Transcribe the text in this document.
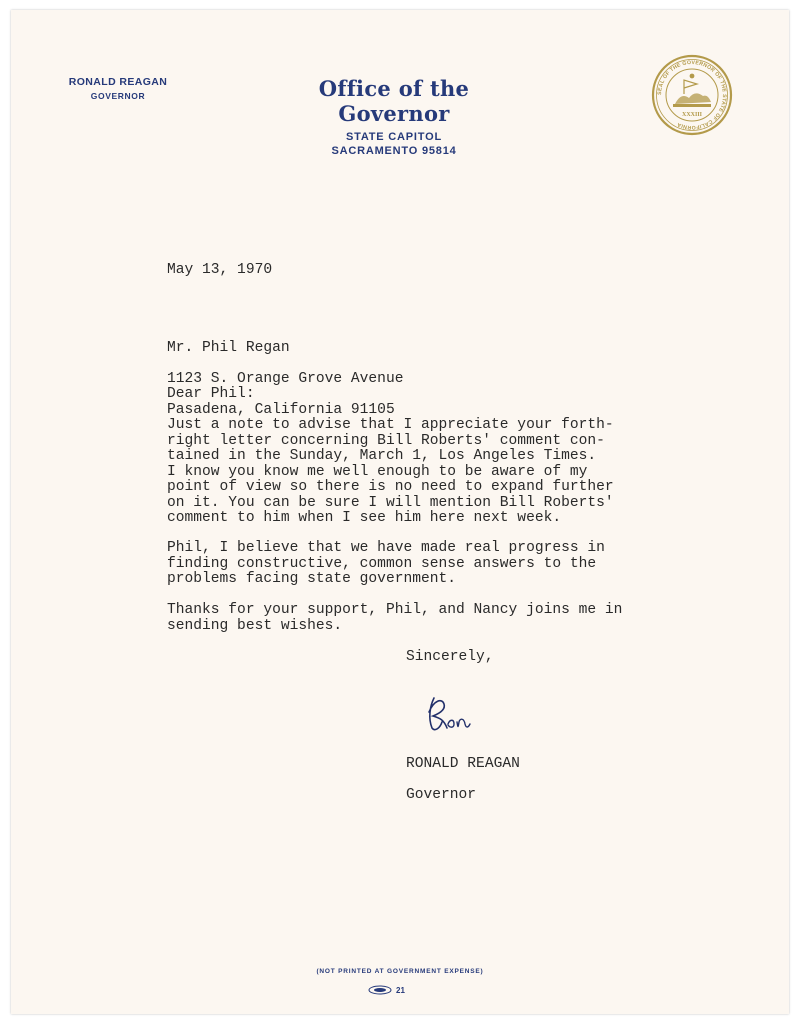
RONALD REAGAN
GOVERNOR	Office of the Governor
STATE CAPITOL
SACRAMENTO 95814
SEAL OF THE GOVERNOR OF THE STATE OF CALIFORNIA
XXXIII
May 13, 1970

Mr. Phil Regan

1123 S. Orange Grove Avenue

Pasadena, California 91105

Dear Phil:
Just a note to advise that I appreciate your forth-
right letter concerning Bill Roberts' comment con-
tained in the Sunday, March 1, Los Angeles Times.
I know you know me well enough to be aware of my
point of view so there is no need to expand further
on it. You can be sure I will mention Bill Roberts'
comment to him when I see him here next week.
Phil, I believe that we have made real progress in
finding constructive, common sense answers to the
problems facing state government.
Thanks for your support, Phil, and Nancy joins me in
sending best wishes.
Sincerely,

RONALD REAGAN

Governor

(NOT PRINTED AT GOVERNMENT EXPENSE)
21
